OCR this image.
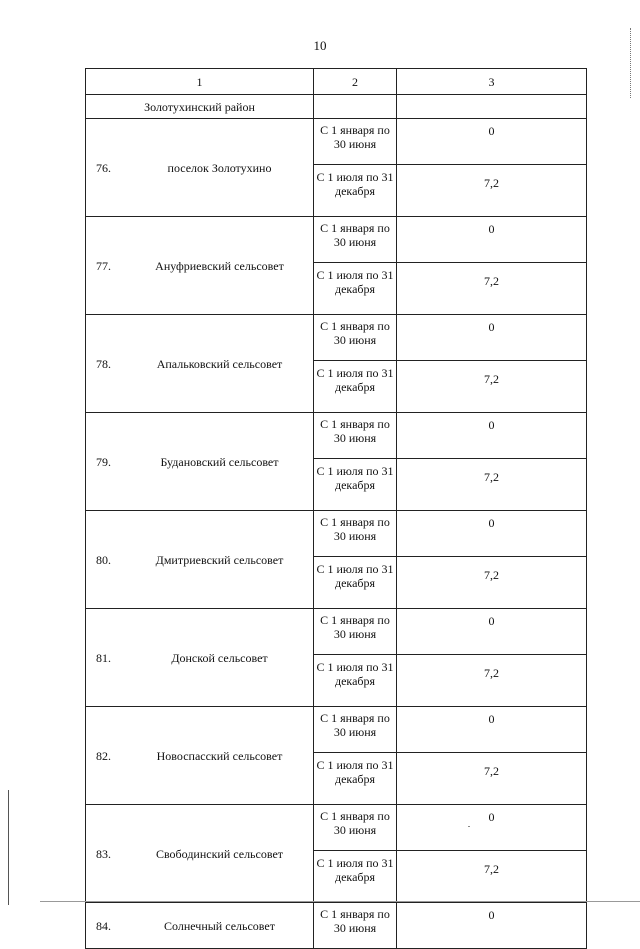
10
1	2	3
Золотухинский район		

76. поселок Золотухино	С 1 января по 30 июня	0
	С 1 июля по 31 декабря	7,2

77. Ануфриевский сельсовет	С 1 января по 30 июня	0
	С 1 июля по 31 декабря	7,2

78. Апальковский сельсовет	С 1 января по 30 июня	0
	С 1 июля по 31 декабря	7,2

79. Будановский сельсовет	С 1 января по 30 июня	0
	С 1 июля по 31 декабря	7,2

80. Дмитриевский сельсовет	С 1 января по 30 июня	0
	С 1 июля по 31 декабря	7,2

81. Донской сельсовет	С 1 января по 30 июня	0
	С 1 июля по 31 декабря	7,2

82. Новоспасский сельсовет	С 1 января по 30 июня	0
	С 1 июля по 31 декабря	7,2

83. Свободинский сельсовет	С 1 января по 30 июня	0
	С 1 июля по 31 декабря	7,2

84. Солнечный сельсовет	С 1 января по 30 июня	0
